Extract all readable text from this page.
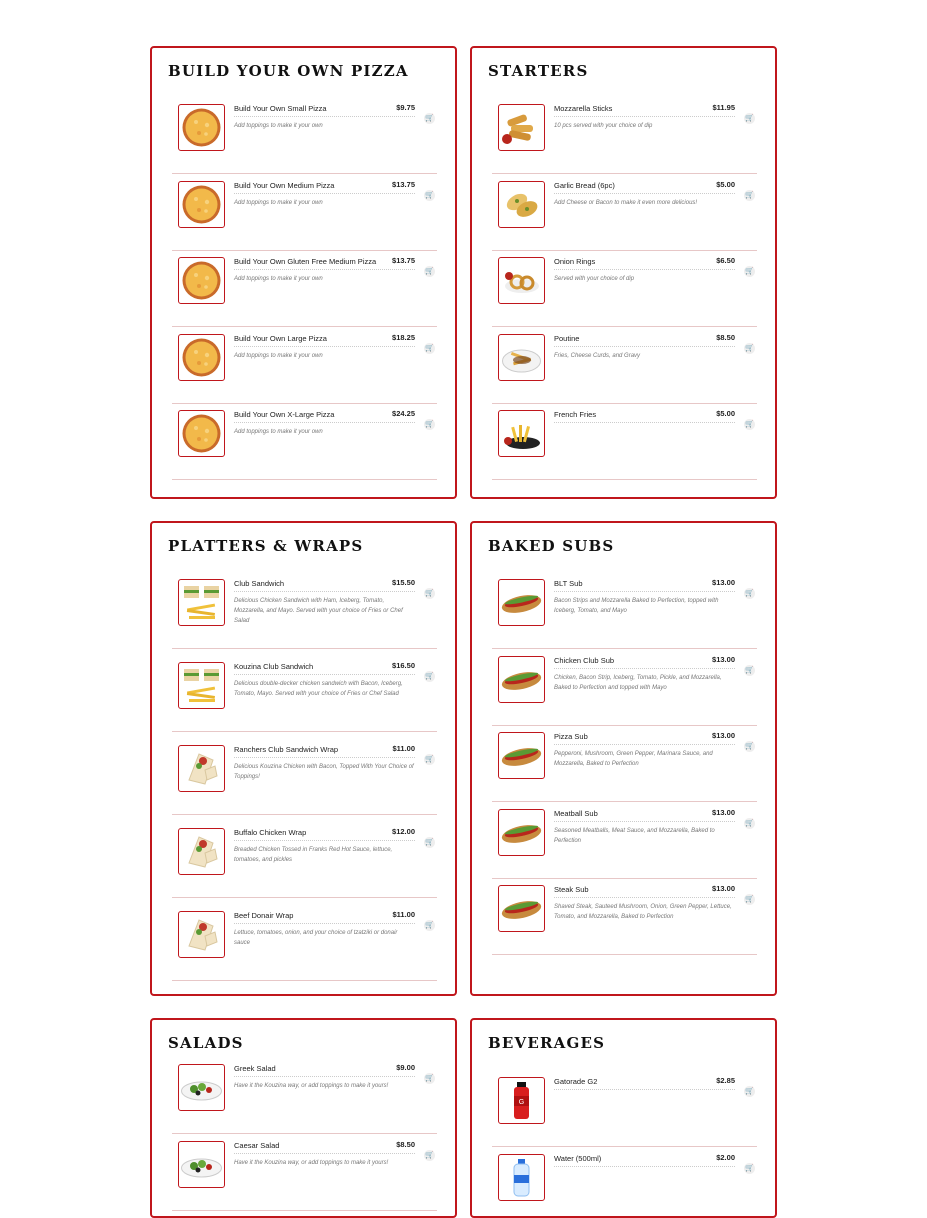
BUILD YOUR OWN PIZZA
Build Your Own Small Pizza	$9.75
Add toppings to make it your own
🛒
Build Your Own Medium Pizza	$13.75
Add toppings to make it your own
🛒
Build Your Own Gluten Free Medium Pizza	$13.75
Add toppings to make it your own
🛒
Build Your Own Large Pizza	$18.25
Add toppings to make it your own
🛒
Build Your Own X-Large Pizza	$24.25
Add toppings to make it your own
🛒
STARTERS
Mozzarella Sticks	$11.95
10 pcs served with your choice of dip
🛒
Garlic Bread (6pc)	$5.00
Add Cheese or Bacon to make it even more delicious!
🛒
Onion Rings	$6.50
Served with your choice of dip
🛒
Poutine	$8.50
Fries, Cheese Curds, and Gravy
🛒
French Fries	$5.00
🛒
PLATTERS & WRAPS
Club Sandwich	$15.50
Delicious Chicken Sandwich with Ham, Iceberg, Tomato, Mozzarella, and Mayo. Served with your choice of Fries or Chef Salad
🛒
Kouzina Club Sandwich	$16.50
Delicious double-decker chicken sandwich with Bacon, Iceberg, Tomato, Mayo. Served with your choice of Fries or Chef Salad
🛒
Ranchers Club Sandwich Wrap	$11.00
Delicious Kouzina Chicken with Bacon, Topped With Your Choice of Toppings!
🛒
Buffalo Chicken Wrap	$12.00
Breaded Chicken Tossed in Franks Red Hot Sauce, lettuce, tomatoes, and pickles
🛒
Beef Donair Wrap	$11.00
Lettuce, tomatoes, onion, and your choice of tzatziki or donair sauce
🛒
BAKED SUBS
BLT Sub	$13.00
Bacon Strips and Mozzarella Baked to Perfection, topped with Iceberg, Tomato, and Mayo
🛒
Chicken Club Sub	$13.00
Chicken, Bacon Strip, Iceberg, Tomato, Pickle, and Mozzarella, Baked to Perfection and topped with Mayo
🛒
Pizza Sub	$13.00
Pepperoni, Mushroom, Green Pepper, Marinara Sauce, and Mozzarella, Baked to Perfection
🛒
Meatball Sub	$13.00
Seasoned Meatballs, Meat Sauce, and Mozzarella, Baked to Perfection
🛒
Steak Sub	$13.00
Shaved Steak, Sauteed Mushroom, Onion, Green Pepper, Lettuce, Tomato, and Mozzarella, Baked to Perfection
🛒
SALADS
Greek Salad	$9.00
Have it the Kouzina way, or add toppings to make it yours!
🛒
Caesar Salad	$8.50
Have it the Kouzina way, or add toppings to make it yours!
🛒
BEVERAGES
G
Gatorade G2	$2.85
🛒
Water (500ml)	$2.00
🛒
